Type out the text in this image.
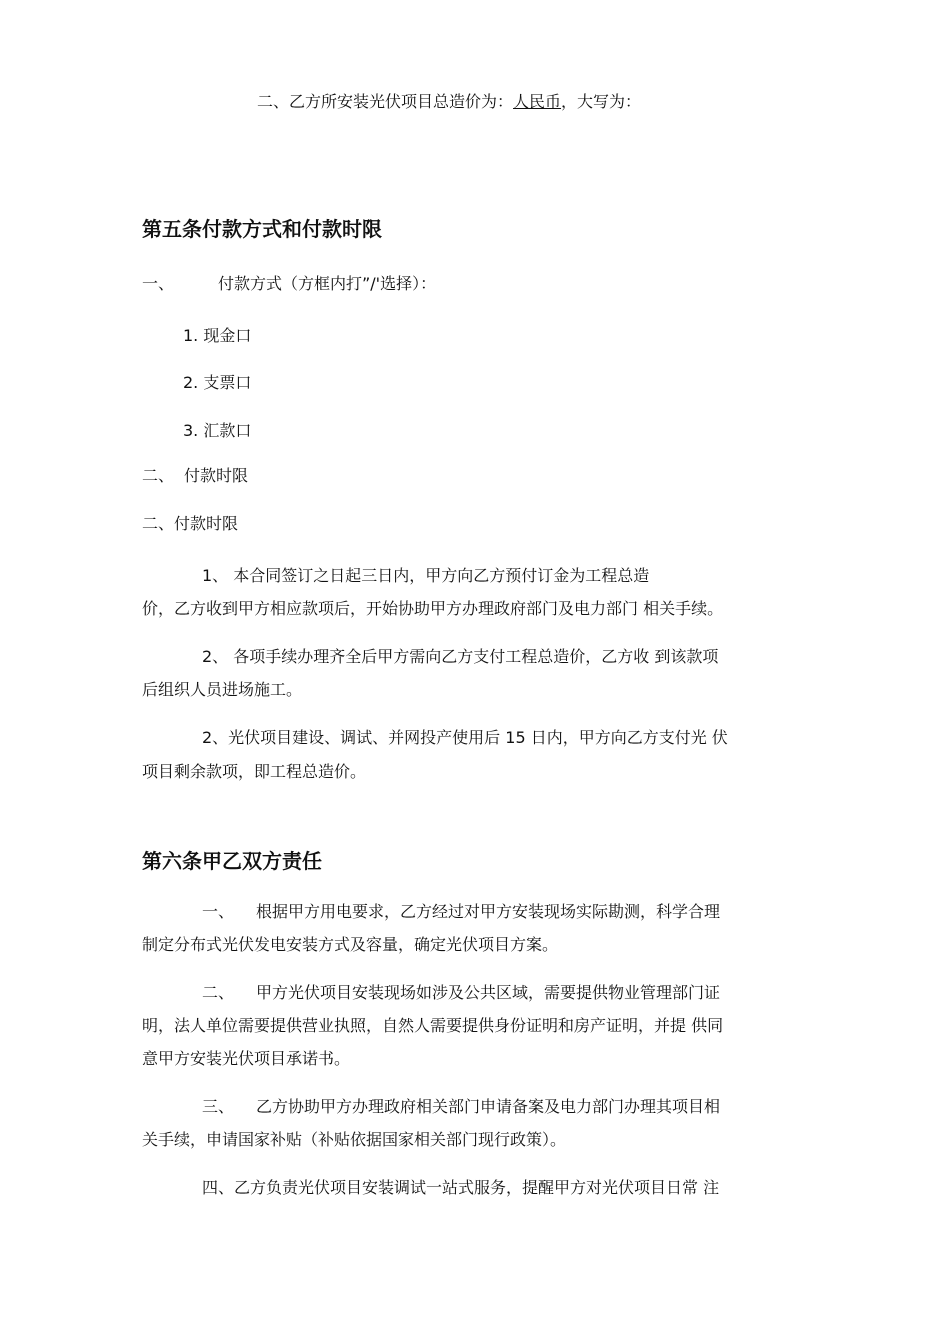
二、乙方所安装光伏项目总造价为：人民币，大写为：
第五条付款方式和付款时限
一、	付款方式（方框内打”/'选择）：
1. 现金口
2. 支票口
3. 汇款口
二、 付款时限
二、付款时限
1、 本合同签订之日起三日内，甲方向乙方预付订金为工程总造
价，乙方收到甲方相应款项后，开始协助甲方办理政府部门及电力部门 相关手续。
2、 各项手续办理齐全后甲方需向乙方支付工程总造价，乙方收 到该款项
后组织人员进场施工。
2、光伏项目建设、调试、并网投产使用后 15 日内，甲方向乙方支付光 伏
项目剩余款项，即工程总造价。
第六条甲乙双方责任
一、 根据甲方用电要求，乙方经过对甲方安装现场实际勘测，科学合理
制定分布式光伏发电安装方式及容量，确定光伏项目方案。
二、 甲方光伏项目安装现场如涉及公共区域，需要提供物业管理部门证
明，法人单位需要提供营业执照，自然人需要提供身份证明和房产证明，并提 供同
意甲方安装光伏项目承诺书。
三、 乙方协助甲方办理政府相关部门申请备案及电力部门办理其项目相
关手续，申请国家补贴（补贴依据国家相关部门现行政策）。
四、乙方负责光伏项目安装调试一站式服务，提醒甲方对光伏项目日常 注
